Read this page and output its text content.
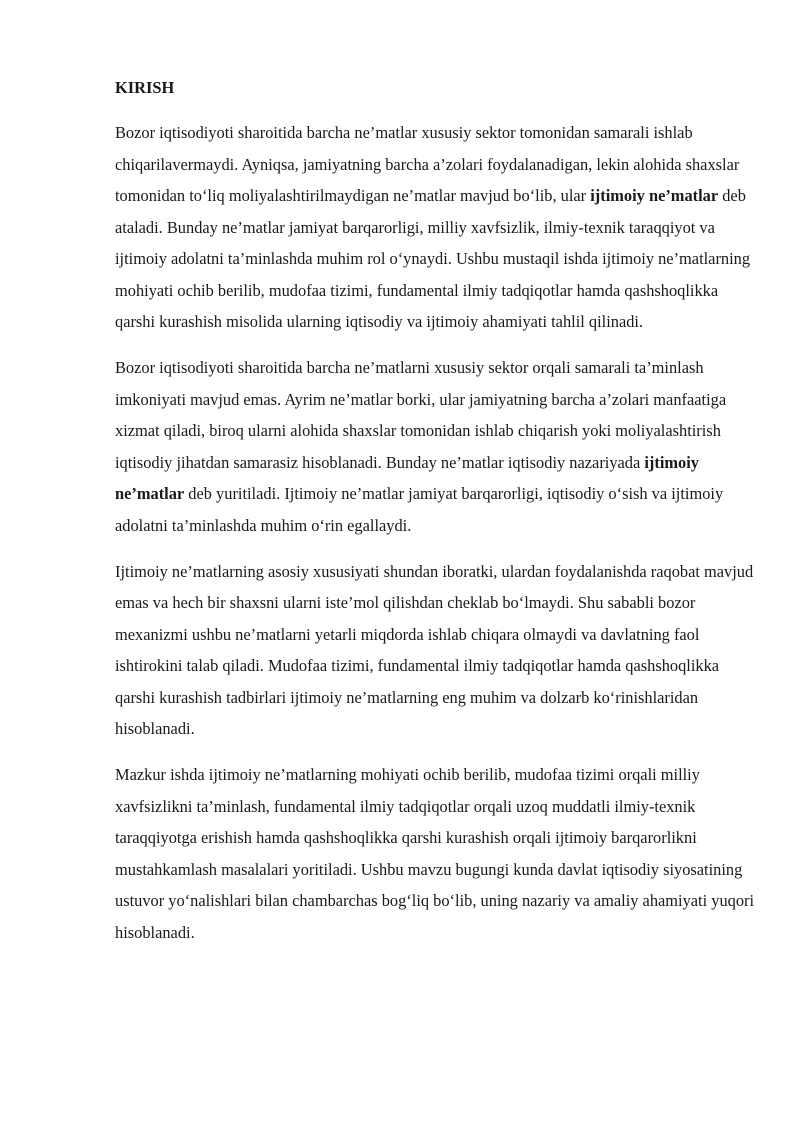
KIRISH

Bozor iqtisodiyoti sharoitida barcha ne’matlar xususiy sektor tomonidan samarali ishlab chiqarilavermaydi. Ayniqsa, jamiyatning barcha a’zolari foydalanadigan, lekin alohida shaxslar tomonidan to‘liq moliyalashtirilmaydigan ne’matlar mavjud bo‘lib, ular ijtimoiy ne’matlar deb ataladi. Bunday ne’matlar jamiyat barqarorligi, milliy xavfsizlik, ilmiy-texnik taraqqiyot va ijtimoiy adolatni ta’minlashda muhim rol o‘ynaydi. Ushbu mustaqil ishda ijtimoiy ne’matlarning mohiyati ochib berilib, mudofaa tizimi, fundamental ilmiy tadqiqotlar hamda qashshoqlikka qarshi kurashish misolida ularning iqtisodiy va ijtimoiy ahamiyati tahlil qilinadi.

Bozor iqtisodiyoti sharoitida barcha ne’matlarni xususiy sektor orqali samarali ta’minlash imkoniyati mavjud emas. Ayrim ne’matlar borki, ular jamiyatning barcha a’zolari manfaatiga xizmat qiladi, biroq ularni alohida shaxslar tomonidan ishlab chiqarish yoki moliyalashtirish iqtisodiy jihatdan samarasiz hisoblanadi. Bunday ne’matlar iqtisodiy nazariyada ijtimoiy ne’matlar deb yuritiladi. Ijtimoiy ne’matlar jamiyat barqarorligi, iqtisodiy o‘sish va ijtimoiy adolatni ta’minlashda muhim o‘rin egallaydi.

Ijtimoiy ne’matlarning asosiy xususiyati shundan iboratki, ulardan foydalanishda raqobat mavjud emas va hech bir shaxsni ularni iste’mol qilishdan cheklab bo‘lmaydi. Shu sababli bozor mexanizmi ushbu ne’matlarni yetarli miqdorda ishlab chiqara olmaydi va davlatning faol ishtirokini talab qiladi. Mudofaa tizimi, fundamental ilmiy tadqiqotlar hamda qashshoqlikka qarshi kurashish tadbirlari ijtimoiy ne’matlarning eng muhim va dolzarb ko‘rinishlaridan hisoblanadi.

Mazkur ishda ijtimoiy ne’matlarning mohiyati ochib berilib, mudofaa tizimi orqali milliy xavfsizlikni ta’minlash, fundamental ilmiy tadqiqotlar orqali uzoq muddatli ilmiy-texnik taraqqiyotga erishish hamda qashshoqlikka qarshi kurashish orqali ijtimoiy barqarorlikni mustahkamlash masalalari yoritiladi. Ushbu mavzu bugungi kunda davlat iqtisodiy siyosatining ustuvor yo‘nalishlari bilan chambarchas bog‘liq bo‘lib, uning nazariy va amaliy ahamiyati yuqori hisoblanadi.
